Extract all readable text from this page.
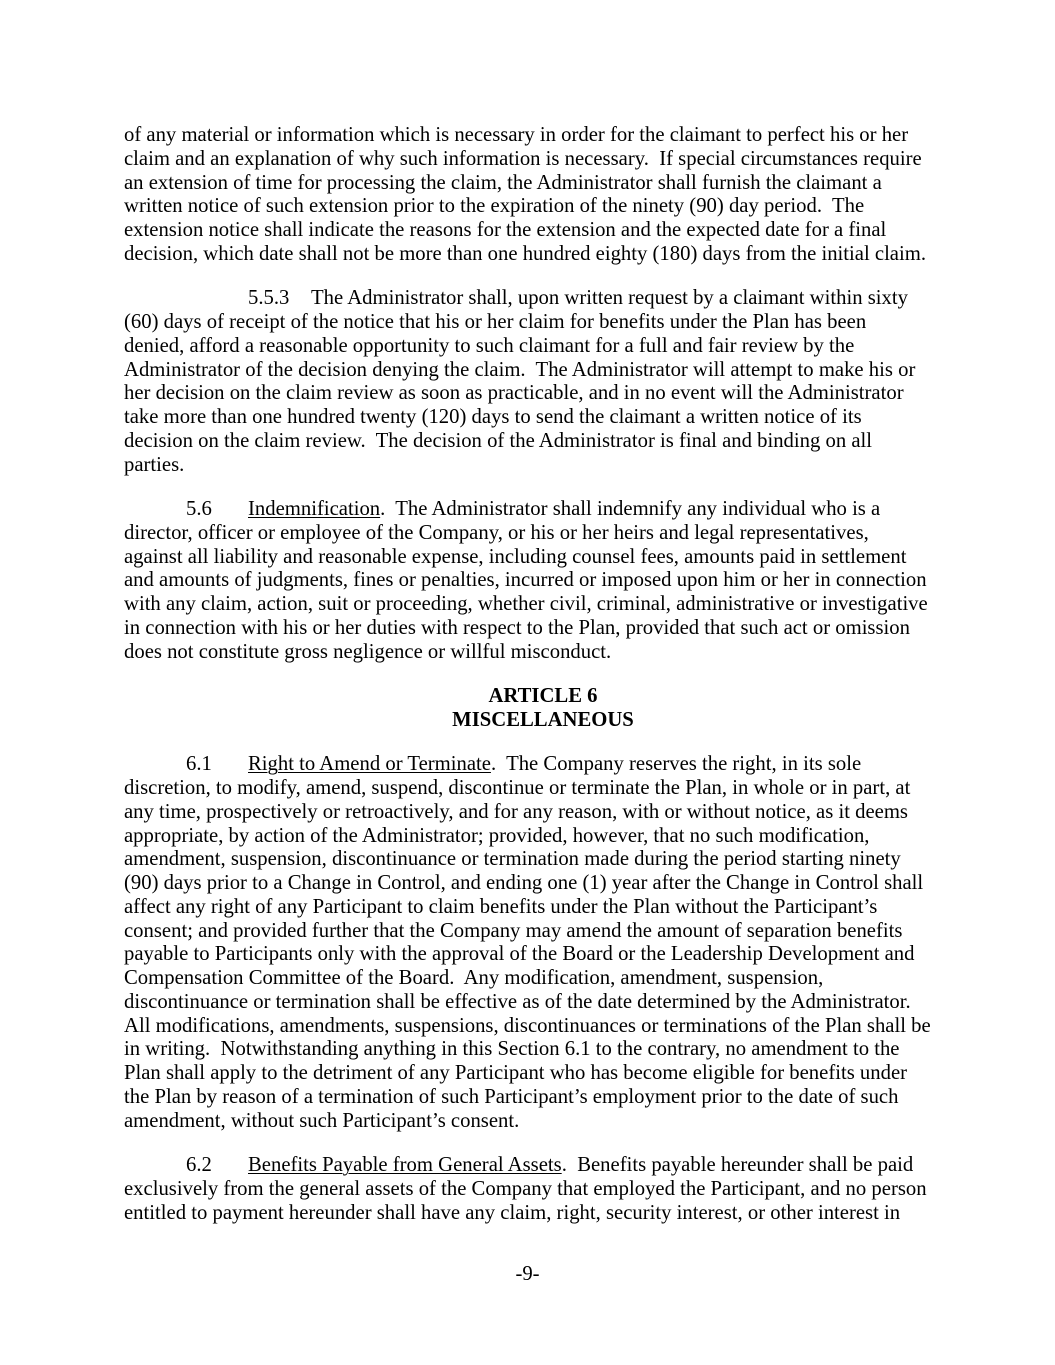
of any material or information which is necessary in order for the claimant to perfect his or her
claim and an explanation of why such information is necessary.  If special circumstances require
an extension of time for processing the claim, the Administrator shall furnish the claimant a
written notice of such extension prior to the expiration of the ninety (90) day period.  The
extension notice shall indicate the reasons for the extension and the expected date for a final
decision, which date shall not be more than one hundred eighty (180) days from the initial claim.
5.5.3 The Administrator shall, upon written request by a claimant within sixty
(60) days of receipt of the notice that his or her claim for benefits under the Plan has been
denied, afford a reasonable opportunity to such claimant for a full and fair review by the
Administrator of the decision denying the claim.  The Administrator will attempt to make his or
her decision on the claim review as soon as practicable, and in no event will the Administrator
take more than one hundred twenty (120) days to send the claimant a written notice of its
decision on the claim review.  The decision of the Administrator is final and binding on all
parties.
5.6 Indemnification.  The Administrator shall indemnify any individual who is a
director, officer or employee of the Company, or his or her heirs and legal representatives,
against all liability and reasonable expense, including counsel fees, amounts paid in settlement
and amounts of judgments, fines or penalties, incurred or imposed upon him or her in connection
with any claim, action, suit or proceeding, whether civil, criminal, administrative or investigative
in connection with his or her duties with respect to the Plan, provided that such act or omission
does not constitute gross negligence or willful misconduct.
ARTICLE 6
MISCELLANEOUS
6.1 Right to Amend or Terminate.  The Company reserves the right, in its sole
discretion, to modify, amend, suspend, discontinue or terminate the Plan, in whole or in part, at
any time, prospectively or retroactively, and for any reason, with or without notice, as it deems
appropriate, by action of the Administrator; provided, however, that no such modification,
amendment, suspension, discontinuance or termination made during the period starting ninety
(90) days prior to a Change in Control, and ending one (1) year after the Change in Control shall
affect any right of any Participant to claim benefits under the Plan without the Participant’s
consent; and provided further that the Company may amend the amount of separation benefits
payable to Participants only with the approval of the Board or the Leadership Development and
Compensation Committee of the Board.  Any modification, amendment, suspension,
discontinuance or termination shall be effective as of the date determined by the Administrator.
All modifications, amendments, suspensions, discontinuances or terminations of the Plan shall be
in writing.  Notwithstanding anything in this Section 6.1 to the contrary, no amendment to the
Plan shall apply to the detriment of any Participant who has become eligible for benefits under
the Plan by reason of a termination of such Participant’s employment prior to the date of such
amendment, without such Participant’s consent.
6.2 Benefits Payable from General Assets.  Benefits payable hereunder shall be paid
exclusively from the general assets of the Company that employed the Participant, and no person
entitled to payment hereunder shall have any claim, right, security interest, or other interest in
-9-
